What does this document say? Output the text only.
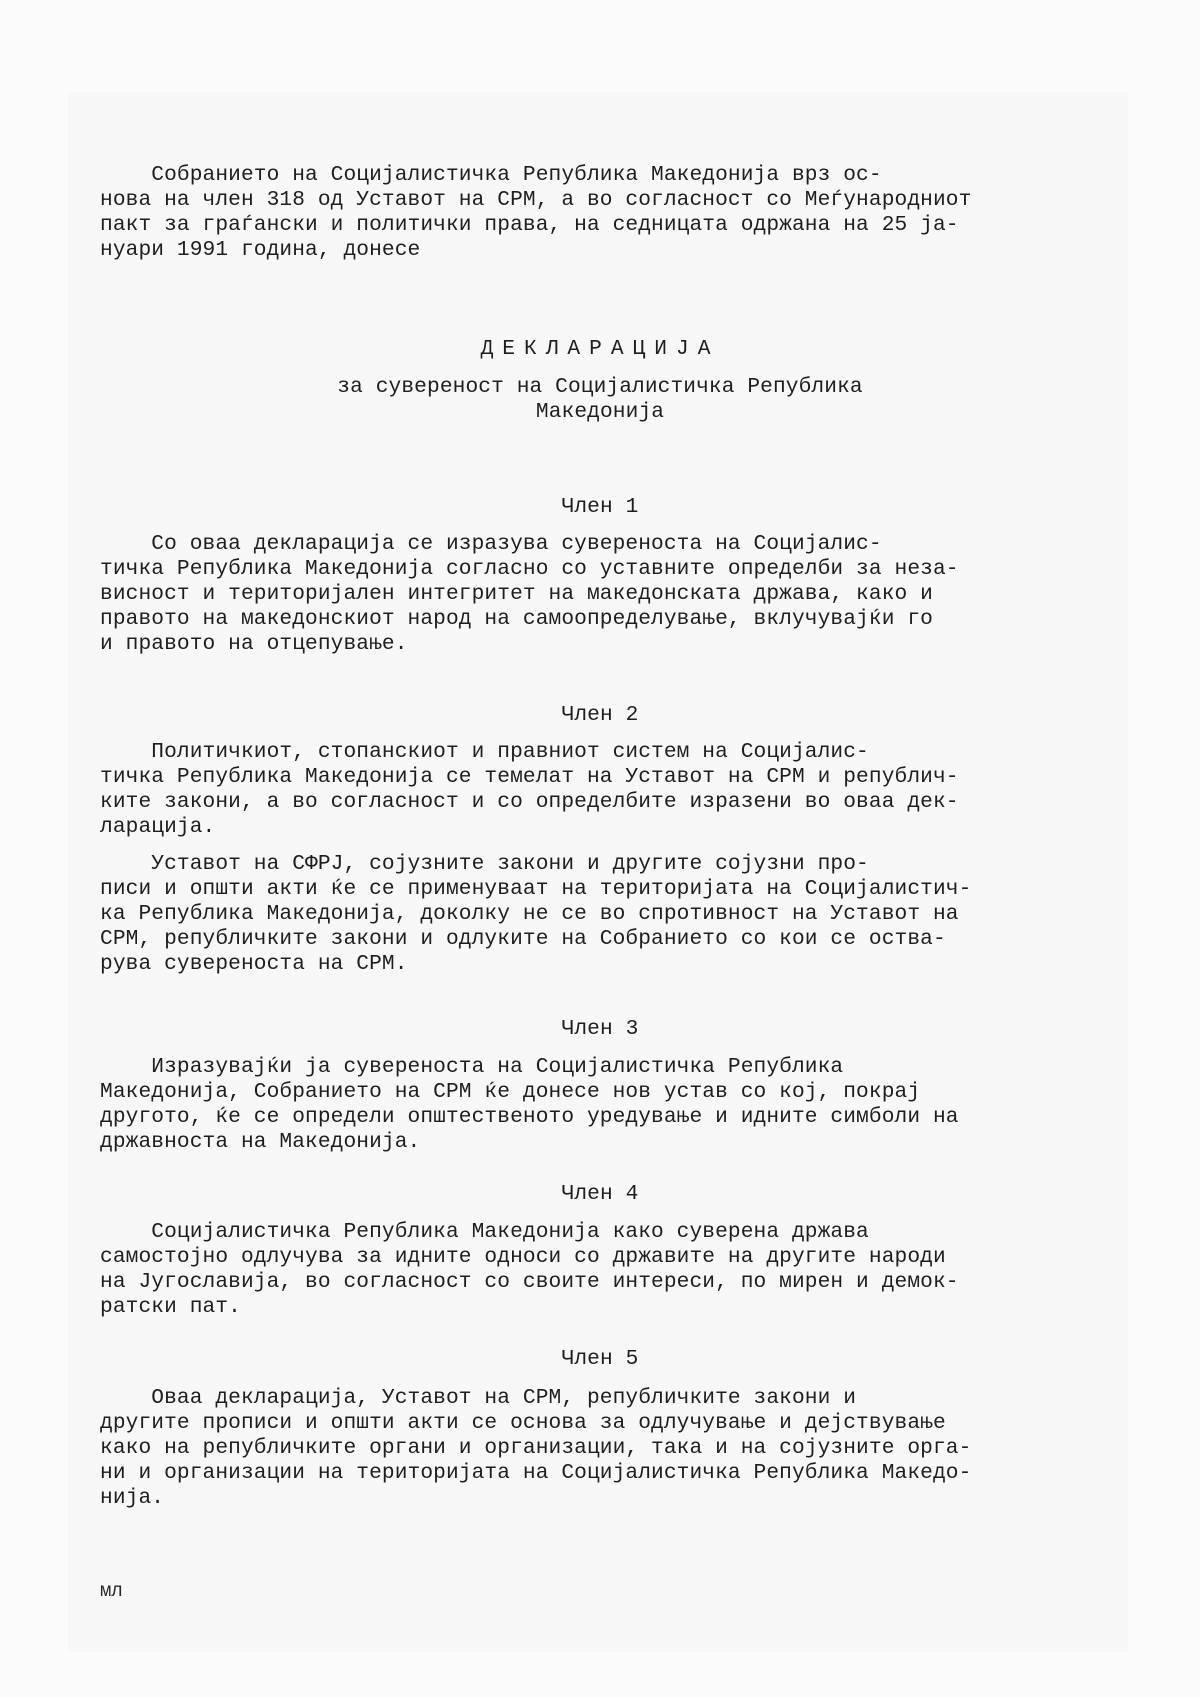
Собранието на Социјалистичка Република Македонија врз ос-
нова на член 318 од Уставот на СРМ, а во согласност со Меѓународниот
пакт за граѓански и политички права, на седницата одржана на 25 ја-
нуари 1991 година, донесе
ДЕКЛАРАЦИЈА
за сувереност на Социјалистичка Република
Македонија
Член 1
Со оваа декларација се изразува сувереноста на Социјалис-
тичка Република Македонија согласно со уставните определби за неза-
висност и територијален интегритет на македонската држава, како и
правото на македонскиот народ на самоопределување, вклучувајќи го
и правото на отцепување.
Член 2
Политичкиот, стопанскиот и правниот систем на Социјалис-
тичка Република Македонија се темелат на Уставот на СРМ и републич-
ките закони, а во согласност и со определбите изразени во оваа дек-
ларација.
Уставот на СФРЈ, сојузните закони и другите сојузни про-
писи и општи акти ќе се применуваат на територијата на Социјалистич-
ка Република Македонија, доколку не се во спротивност на Уставот на
СРМ, републичките закони и одлуките на Собранието со кои се оства-
рува сувереноста на СРМ.
Член 3
Изразувајќи ја сувереноста на Социјалистичка Република
Македонија, Собранието на СРМ ќе донесе нов устав со кој, покрај
другото, ќе се определи општественото уредување и идните симболи на
државноста на Македонија.
Член 4
Социјалистичка Република Македонија како суверена држава
самостојно одлучува за идните односи со државите на другите народи
на Југославија, во согласност со своите интереси, по мирен и демок-
ратски пат.
Член 5
Оваа декларација, Уставот на СРМ, републичките закони и
другите прописи и општи акти се основа за одлучување и дејствување
како на републичките органи и организации, така и на сојузните орга-
ни и организации на територијата на Социјалистичка Република Македо-
нија.
мл
